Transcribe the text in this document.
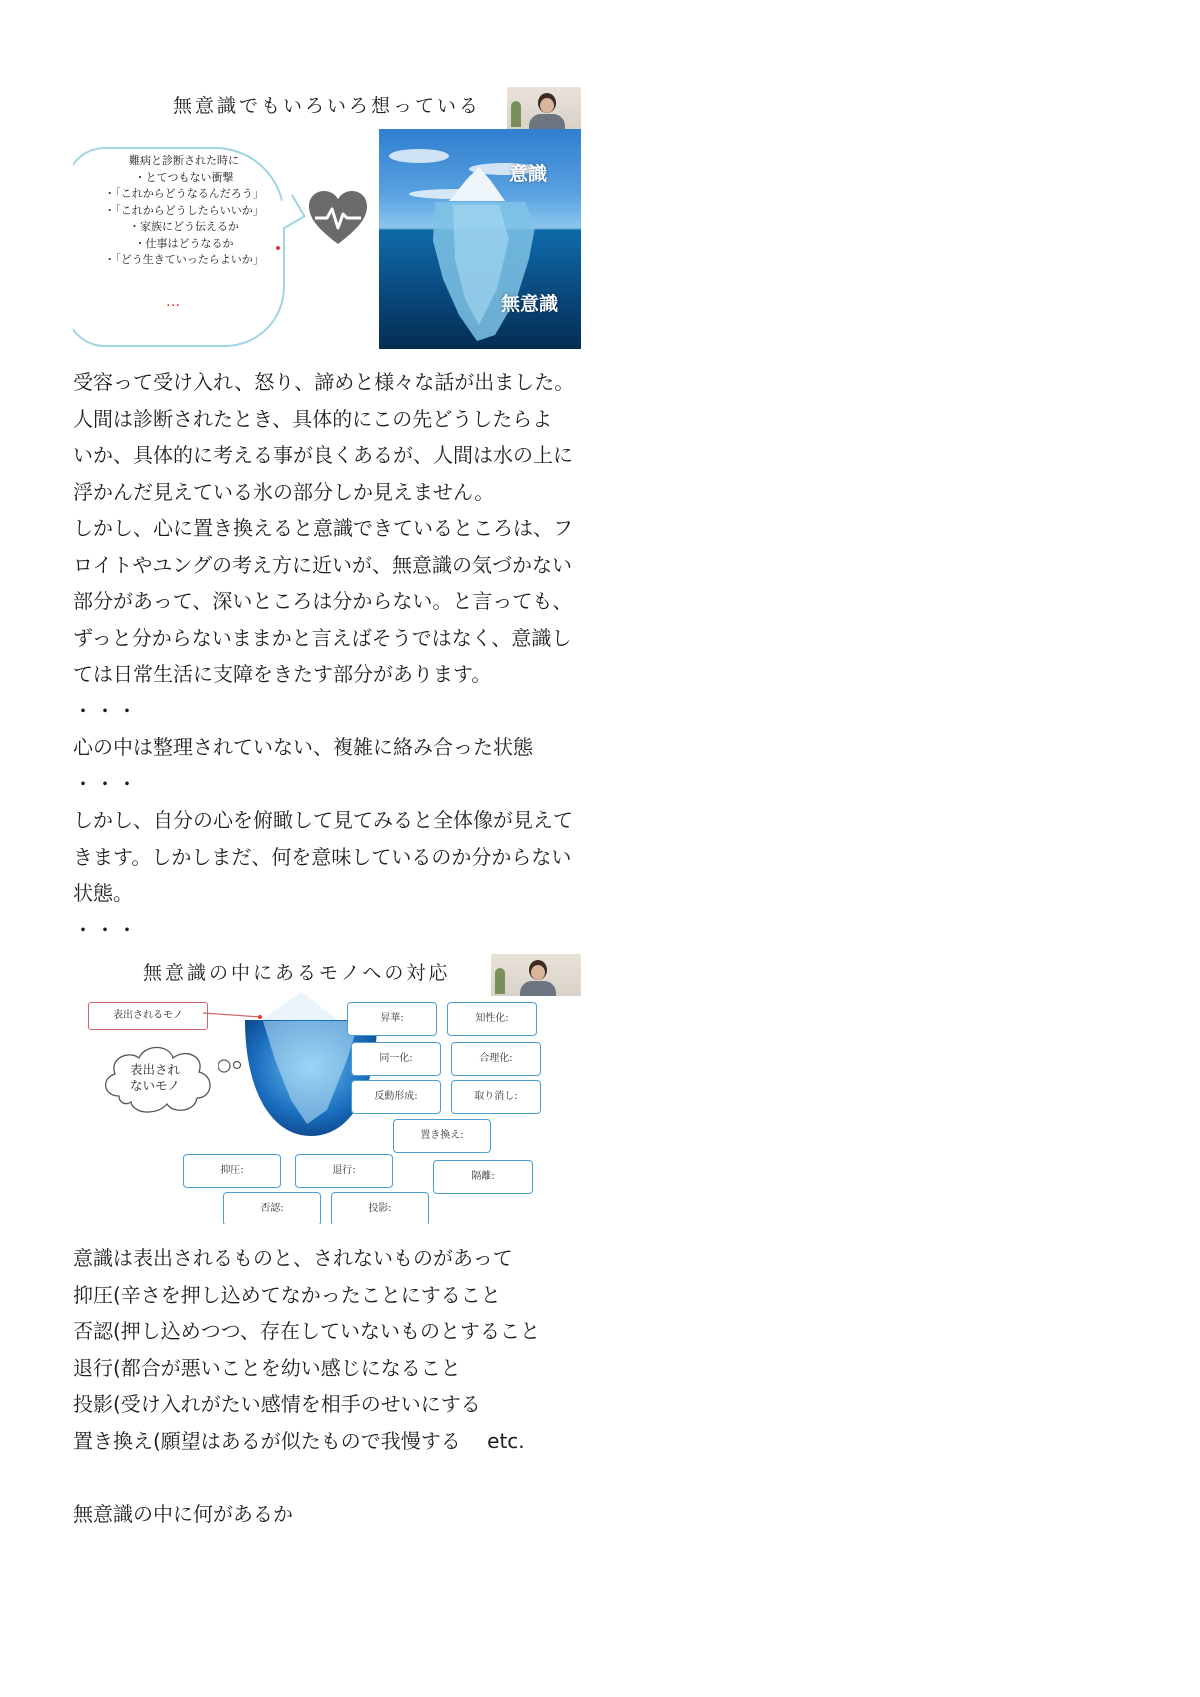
無意識でもいろいろ想っている
難病と診断された時に
・とてつもない衝撃
・「これからどうなるんだろう」
・「これからどうしたらいいか」
・家族にどう伝えるか
・仕事はどうなるか
・「どう生きていったらよいか」
…
意識
無意識

受容って受け入れ、怒り、諦めと様々な話が出ました。

人間は診断されたとき、具体的にこの先どうしたらよ

いか、具体的に考える事が良くあるが、人間は水の上に

浮かんだ見えている氷の部分しか見えません。

しかし、心に置き換えると意識できているところは、フ

ロイトやユングの考え方に近いが、無意識の気づかない

部分があって、深いところは分からない。と言っても、

ずっと分からないままかと言えばそうではなく、意識し

ては日常生活に支障をきたす部分があります。

・・・

心の中は整理されていない、複雑に絡み合った状態

・・・

しかし、自分の心を俯瞰して見てみると全体像が見えて

きます。しかしまだ、何を意味しているのか分からない

状態。

・・・

無意識の中にあるモノへの対応
表出されるモノ
表出され
ないモノ
昇華:	知性化:
同一化:	合理化:
反動形成:	取り消し:
置き換え:
抑圧:	退行:
隔離:
否認:	投影:

意識は表出されるものと、されないものがあって

抑圧(辛さを押し込めてなかったことにすること

否認(押し込めつつ、存在していないものとすること

退行(都合が悪いことを幼い感じになること

投影(受け入れがたい感情を相手のせいにする

置き換え(願望はあるが似たもので我慢する　 etc.

無意識の中に何があるか
